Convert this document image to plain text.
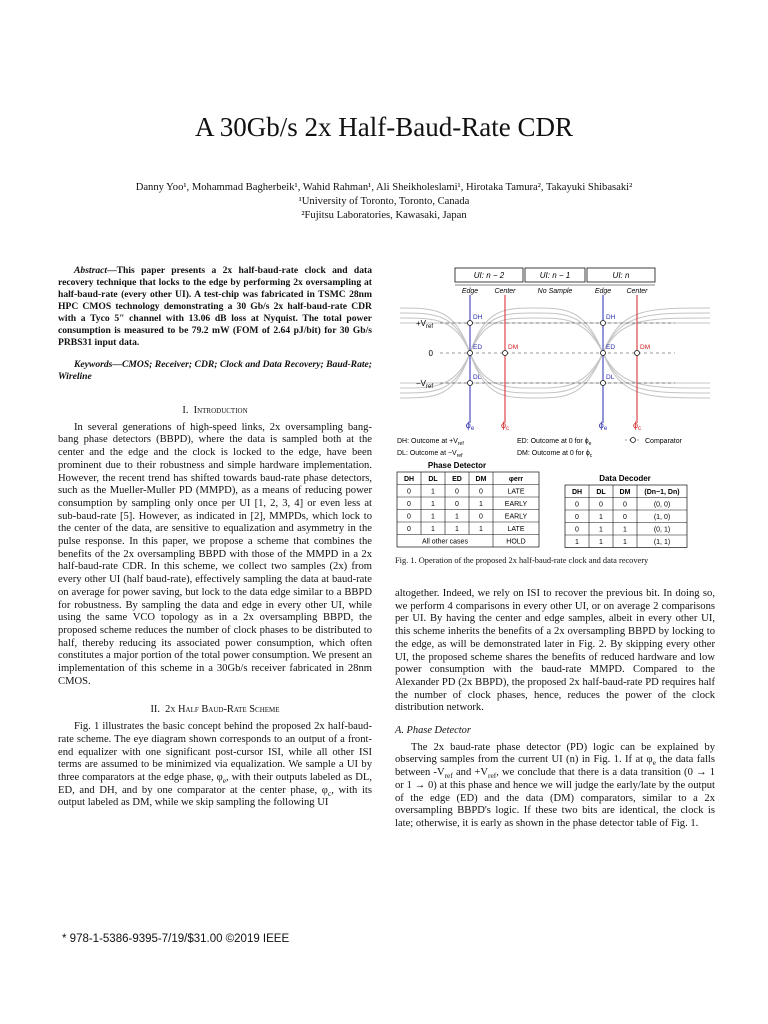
A 30Gb/s 2x Half-Baud-Rate CDR
Danny Yoo¹, Mohammad Bagherbeik¹, Wahid Rahman¹, Ali Sheikholeslami¹, Hirotaka Tamura², Takayuki Shibasaki²
¹University of Toronto, Toronto, Canada
²Fujitsu Laboratories, Kawasaki, Japan

Abstract—This paper presents a 2x half-baud-rate clock and data recovery technique that locks to the edge by performing 2x oversampling at half-baud-rate (every other UI). A test-chip was fabricated in TSMC 28nm HPC CMOS technology demonstrating a 30 Gb/s 2x half-baud-rate CDR with a Tyco 5" channel with 13.06 dB loss at Nyquist. The total power consumption is measured to be 79.2 mW (FOM of 2.64 pJ/bit) for 30 Gb/s PRBS31 input data.

Keywords—CMOS; Receiver; CDR; Clock and Data Recovery; Baud-Rate; Wireline

I. Introduction

In several generations of high-speed links, 2x oversampling bang-bang phase detectors (BBPD), where the data is sampled both at the center and the edge and the clock is locked to the edge, have been prominent due to their robustness and simple hardware implementation. However, the recent trend has shifted towards baud-rate phase detectors, such as the Mueller-Muller PD (MMPD), as a means of reducing power consumption by sampling only once per UI [1, 2, 3, 4] or even less at sub-baud-rate [5]. However, as indicated in [2], MMPDs, which lock to the center of the data, are sensitive to equalization and asymmetry in the pulse response. In this paper, we propose a scheme that combines the benefits of the 2x oversampling BBPD with those of the MMPD in a 2x half-baud-rate CDR. In this scheme, we collect two samples (2x) from every other UI (half baud-rate), effectively sampling the data at baud-rate on average for power saving, but lock to the data edge similar to a BBPD for robustness. By sampling the data and edge in every other UI, while using the same VCO topology as in a 2x oversampling BBPD, the proposed scheme reduces the number of clock phases to be distributed to half, thereby reducing its associated power consumption, which often constitutes a major portion of the total power consumption. We present an implementation of this scheme in a 30Gb/s receiver fabricated in 28nm CMOS.

II. 2x Half Baud-Rate Scheme

Fig. 1 illustrates the basic concept behind the proposed 2x half-baud-rate scheme. The eye diagram shown corresponds to an output of a front-end equalizer with one significant post-cursor ISI, while all other ISI terms are assumed to be minimized via equalization. We sample a UI by three comparators at the edge phase, $\varphi_e$, with their outputs labeled as DL, ED, and DH, and by one comparator at the center phase, $\varphi_c$, with its output labeled as DM, while we skip sampling the following UI

UI: n − 2	UI: n − 1	UI: n
Edge Center	No Sample	Edge Center
$+V_{ref}$
0
$-V_{ref}$
DH
ED
DL
DM
DH
ED
DL
DM
$\phi_e$	$\phi_c$	$\phi_e$	$\phi_c$
DH: Outcome at $+V_{ref}$
DL: Outcome at $-V_{ref}$
ED: Outcome at 0 for $\phi_e$
DM: Outcome at 0 for $\phi_c$
Comparator
Phase Detector
DH DL ED DM	φerr
0	1	0	0	LATE
0	1	0	1	EARLY
0	1	1	0	EARLY
0	1	1	1	LATE
All other cases	HOLD
Data Decoder
DH DL DM (Dn−1, Dn)
0	0	0	(0, 0)
0	1	0	(1, 0)
0	1	1	(0, 1)
1	1	1	(1, 1)
Fig. 1. Operation of the proposed 2x half-baud-rate clock and data recovery

altogether. Indeed, we rely on ISI to recover the previous bit. In doing so, we perform 4 comparisons in every other UI, or on average 2 comparisons per UI. By having the center and edge samples, albeit in every other UI, this scheme inherits the benefits of a 2x oversampling BBPD by locking to the edge, as will be demonstrated later in Fig. 2. By skipping every other UI, the proposed scheme shares the benefits of reduced hardware and low power consumption with the baud-rate MMPD. Compared to the Alexander PD (2x BBPD), the proposed 2x half-baud-rate PD requires half the number of clock phases, hence, reduces the power of the clock distribution network.

A. Phase Detector

The 2x baud-rate phase detector (PD) logic can be explained by observing samples from the current UI (n) in Fig. 1. If at $\varphi_e$ the data falls between $-V_{ref}$ and $+V_{ref}$, we conclude that there is a data transition (0 → 1 or 1 → 0) at this phase and hence we will judge the early/late by the output of the edge (ED) and the data (DM) comparators, similar to a 2x oversampling BBPD's logic. If these two bits are identical, the clock is late; otherwise, it is early as shown in the phase detector table of Fig. 1.

* 978-1-5386-9395-7/19/$31.00 ©2019 IEEE
